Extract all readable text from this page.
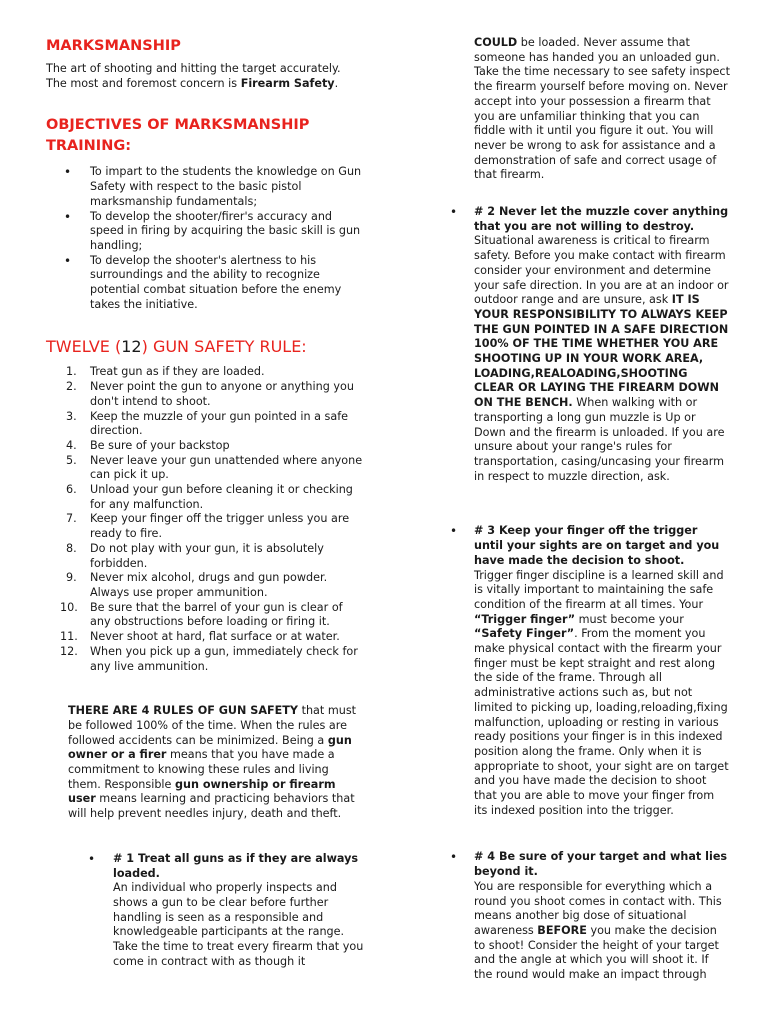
MARKSMANSHIP

The art of shooting and hitting the target accurately.

The most and foremost concern is Firearm Safety.

OBJECTIVES OF MARKSMANSHIP
TRAINING:
• To impart to the students the knowledge on Gun Safety with respect to the basic pistol marksmanship fundamentals;
• To develop the shooter/firer's accuracy and speed in firing by acquiring the basic skill is gun handling;
• To develop the shooter's alertness to his surroundings and the ability to recognize potential combat situation before the enemy takes the initiative.
TWELVE (12) GUN SAFETY RULE:
1. Treat gun as if they are loaded.
2. Never point the gun to anyone or anything you don't intend to shoot.
3. Keep the muzzle of your gun pointed in a safe direction.
4. Be sure of your backstop
5. Never leave your gun unattended where anyone can pick it up.
6. Unload your gun before cleaning it or checking for any malfunction.
7. Keep your finger off the trigger unless you are ready to fire.
8. Do not play with your gun, it is absolutely forbidden.
9. Never mix alcohol, drugs and gun powder. Always use proper ammunition.
10. Be sure that the barrel of your gun is clear of any obstructions before loading or firing it.
11. Never shoot at hard, flat surface or at water.
12. When you pick up a gun, immediately check for any live ammunition.

THERE ARE 4 RULES OF GUN SAFETY that must be followed 100% of the time. When the rules are followed accidents can be minimized. Being a gun owner or a firer means that you have made a commitment to knowing these rules and living them. Responsible gun ownership or firearm user means learning and practicing behaviors that will help prevent needles injury, death and theft.

• # 1 Treat all guns as if they are always loaded.
An individual who properly inspects and shows a gun to be clear before further handling is seen as a responsible and knowledgeable participants at the range. Take the time to treat every firearm that you come in contract with as though it

COULD be loaded. Never assume that someone has handed you an unloaded gun. Take the time necessary to see safety inspect the firearm yourself before moving on. Never accept into your possession a firearm that you are unfamiliar thinking that you can fiddle with it until you figure it out. You will never be wrong to ask for assistance and a demonstration of safe and correct usage of that firearm.

• # 2 Never let the muzzle cover anything that you are not willing to destroy.
Situational awareness is critical to firearm safety. Before you make contact with firearm consider your environment and determine your safe direction. In you are at an indoor or outdoor range and are unsure, ask IT IS YOUR RESPONSIBILITY TO ALWAYS KEEP THE GUN POINTED IN A SAFE DIRECTION 100% OF THE TIME WHETHER YOU ARE SHOOTING UP IN YOUR WORK AREA, LOADING,REALOADING,SHOOTING CLEAR OR LAYING THE FIREARM DOWN ON THE BENCH. When walking with or transporting a long gun muzzle is Up or Down and the firearm is unloaded. If you are unsure about your range's rules for transportation, casing/uncasing your firearm in respect to muzzle direction, ask.
• # 3 Keep your finger off the trigger until your sights are on target and you have made the decision to shoot.
Trigger finger discipline is a learned skill and is vitally important to maintaining the safe condition of the firearm at all times. Your “Trigger finger” must become your “Safety Finger”. From the moment you make physical contact with the firearm your finger must be kept straight and rest along the side of the frame. Through all administrative actions such as, but not limited to picking up, loading,reloading,fixing malfunction, uploading or resting in various ready positions your finger is in this indexed position along the frame. Only when it is appropriate to shoot, your sight are on target and you have made the decision to shoot that you are able to move your finger from its indexed position into the trigger.
• # 4 Be sure of your target and what lies beyond it.
You are responsible for everything which a round you shoot comes in contact with. This means another big dose of situational awareness BEFORE you make the decision to shoot! Consider the height of your target and the angle at which you will shoot it. If the round would make an impact through
